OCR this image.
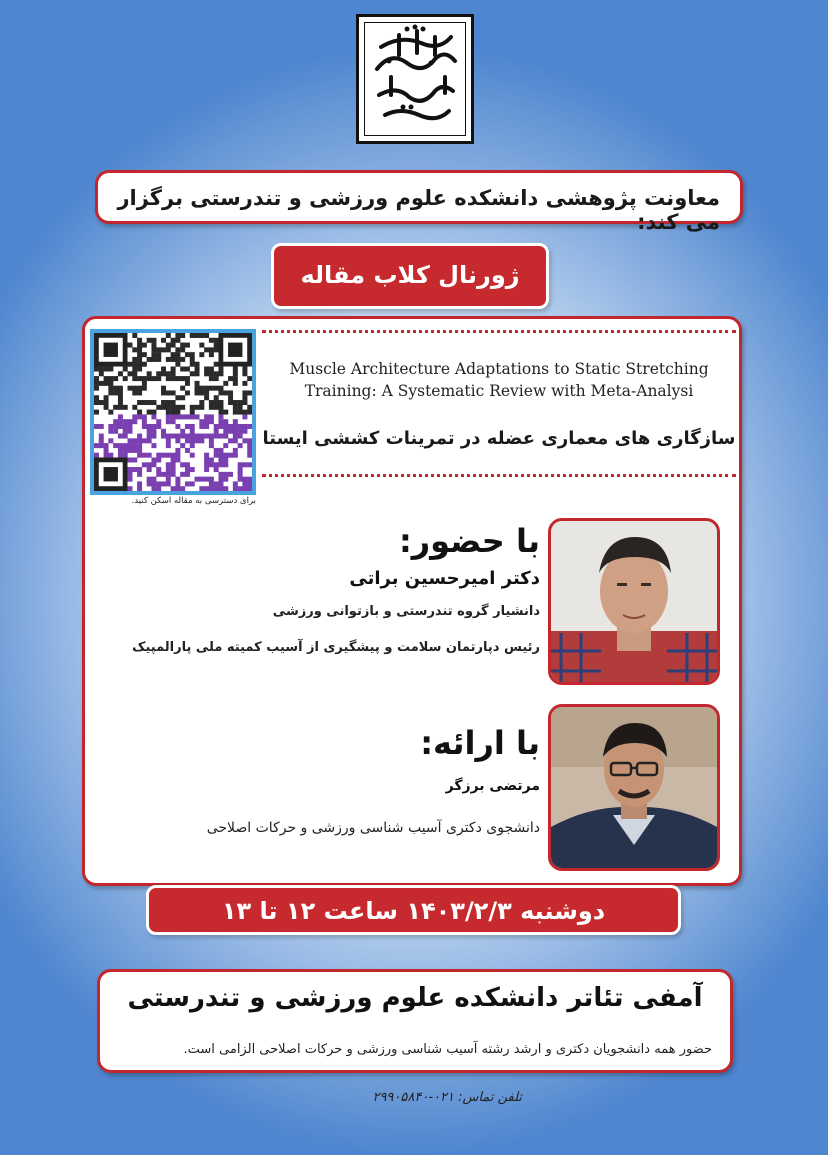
معاونت پژوهشی دانشکده علوم ورزشی و تندرستی برگزار می کند:
ژورنال کلاب مقاله
برای دسترسی به مقاله اسکن کنید.
Muscle Architecture Adaptations to Static Stretching
Training: A Systematic Review with Meta-Analysi
سازگاری های معماری عضله در تمرینات کششی ایستا
با حضور:
دکتر امیرحسین براتی
دانشیار گروه تندرستی و بازتوانی ورزشی
رئیس دپارتمان سلامت و پیشگیری از آسیب کمیته ملی پارالمپیک
با ارائه:
مرتضی برزگر
دانشجوی دکتری آسیب شناسی ورزشی و حرکات اصلاحی
دوشنبه ۱۴۰۳/۲/۳ ساعت ۱۲ تا ۱۳
آمفی تئاتر دانشکده علوم ورزشی و تندرستی
حضور همه دانشجویان دکتری و ارشد رشته آسیب شناسی ورزشی و حرکات اصلاحی الزامی است.
تلفن تماس: ۰۲۱-۲۹۹۰۵۸۴۰
